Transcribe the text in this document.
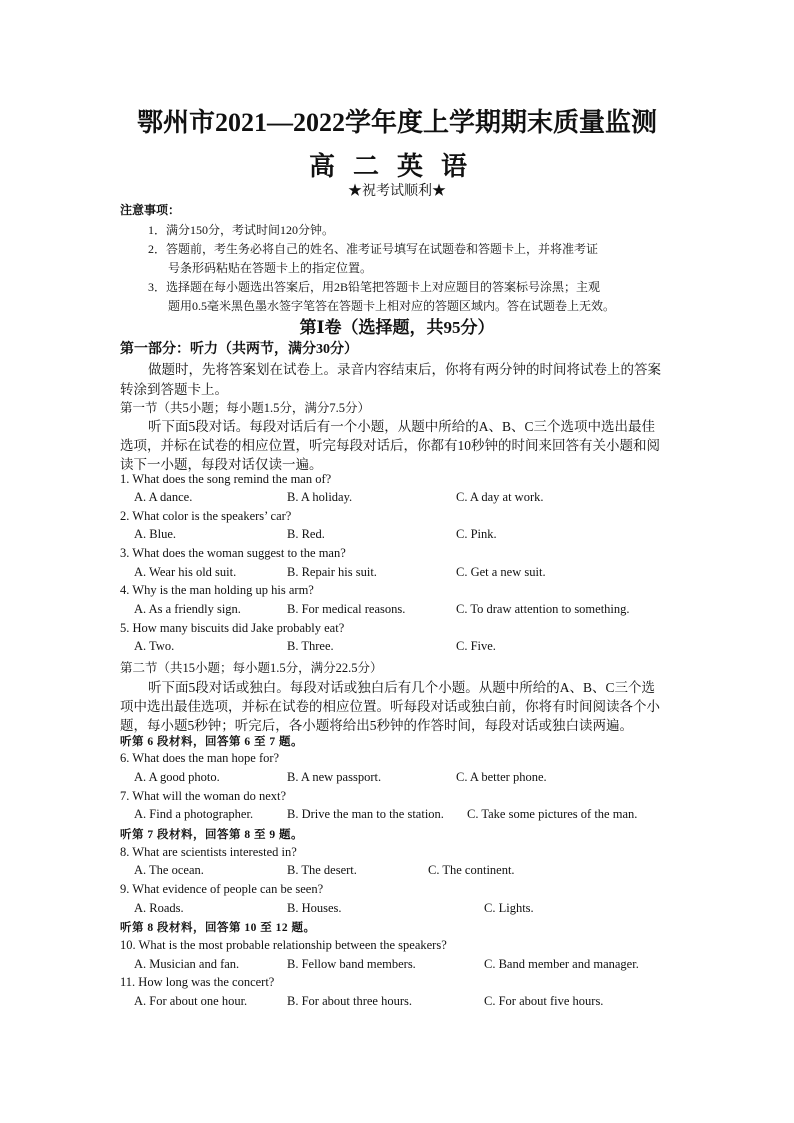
鄂州市2021—2022学年度上学期期末质量监测
高二英语
★祝考试顺利★
注意事项：
1．满分150分，考试时间120分钟。
2．答题前，考生务必将自己的姓名、准考证号填写在试题卷和答题卡上，并将准考证
号条形码粘贴在答题卡上的指定位置。
3．选择题在每小题选出答案后，用2B铅笔把答题卡上对应题目的答案标号涂黑；主观
题用0.5毫米黑色墨水签字笔答在答题卡上相对应的答题区域内。答在试题卷上无效。
第Ⅰ卷（选择题，共95分）
第一部分：听力（共两节，满分30分）
做题时，先将答案划在试卷上。录音内容结束后，你将有两分钟的时间将试卷上的答案
转涂到答题卡上。
第一节（共5小题；每小题1.5分，满分7.5分）
听下面5段对话。每段对话后有一个小题，从题中所给的A、B、C三个选项中选出最佳
选项，并标在试卷的相应位置，听完每段对话后，你都有10秒钟的时间来回答有关小题和阅
读下一小题，每段对话仅读一遍。
1. What does the song remind the man of?
A. A dance.	B. A holiday.	C. A day at work.
2. What color is the speakers’ car?
A. Blue.	B. Red.	C. Pink.
3. What does the woman suggest to the man?
A. Wear his old suit.	B. Repair his suit.	C. Get a new suit.
4. Why is the man holding up his arm?
A. As a friendly sign.	B. For medical reasons.	C. To draw attention to something.
5. How many biscuits did Jake probably eat?
A. Two.	B. Three.	C. Five.
第二节（共15小题；每小题1.5分，满分22.5分）
听下面5段对话或独白。每段对话或独白后有几个小题。从题中所给的A、B、C三个选
项中选出最佳选项，并标在试卷的相应位置。听每段对话或独白前，你将有时间阅读各个小
题，每小题5秒钟；听完后，各小题将给出5秒钟的作答时间，每段对话或独白读两遍。
听第 6 段材料，回答第 6 至 7 题。
6. What does the man hope for?
A. A good photo.	B. A new passport.	C. A better phone.
7. What will the woman do next?
A. Find a photographer.	B. Drive the man to the station. C. Take some pictures of the man.
听第 7 段材料，回答第 8 至 9 题。
8. What are scientists interested in?
A. The ocean.	B. The desert.	C. The continent.
9. What evidence of people can be seen?
A. Roads.	B. Houses.	C. Lights.
听第 8 段材料，回答第 10 至 12 题。
10. What is the most probable relationship between the speakers?
A. Musician and fan.	B. Fellow band members.	C. Band member and manager.
11. How long was the concert?
A. For about one hour.	B. For about three hours.	C. For about five hours.
